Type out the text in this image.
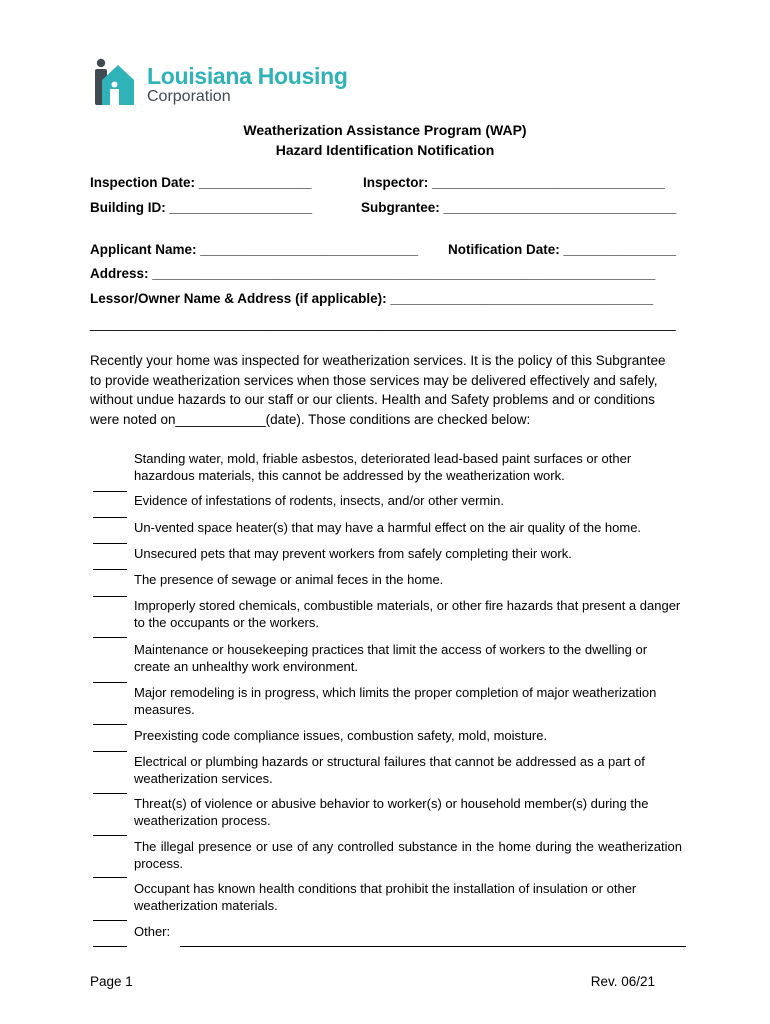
Louisiana Housing
Corporation
Weatherization Assistance Program (WAP)
Hazard Identification Notification
Inspection Date: _______________	Inspector: _______________________________
Building ID: ___________________	Subgrantee: _______________________________
Applicant Name: _____________________________ Notification Date: _______________
Address: ___________________________________________________________________
Lessor/Owner Name & Address (if applicable): ___________________________________
______________________________________________________________________________
Recently your home was inspected for weatherization services. It is the policy of this Subgrantee
to provide weatherization services when those services may be delivered effectively and safely,
without undue hazards to our staff or our clients. Health and Safety problems and or conditions
were noted on____________(date). Those conditions are checked below:
Standing water, mold, friable asbestos, deteriorated lead-based paint surfaces or other hazardous materials, this cannot be addressed by the weatherization work.
Evidence of infestations of rodents, insects, and/or other vermin.
Un-vented space heater(s) that may have a harmful effect on the air quality of the home.
Unsecured pets that may prevent workers from safely completing their work.
The presence of sewage or animal feces in the home.
Improperly stored chemicals, combustible materials, or other fire hazards that present a danger to the occupants or the workers.
Maintenance or housekeeping practices that limit the access of workers to the dwelling or create an unhealthy work environment.
Major remodeling is in progress, which limits the proper completion of major weatherization measures.
Preexisting code compliance issues, combustion safety, mold, moisture.
Electrical or plumbing hazards or structural failures that cannot be addressed as a part of weatherization services.
Threat(s) of violence or abusive behavior to worker(s) or household member(s) during the weatherization process.
The illegal presence or use of any controlled substance in the home during the weatherization process.
Occupant has known health conditions that prohibit the installation of insulation or other weatherization materials.
Other:
Page 1	Rev. 06/21
